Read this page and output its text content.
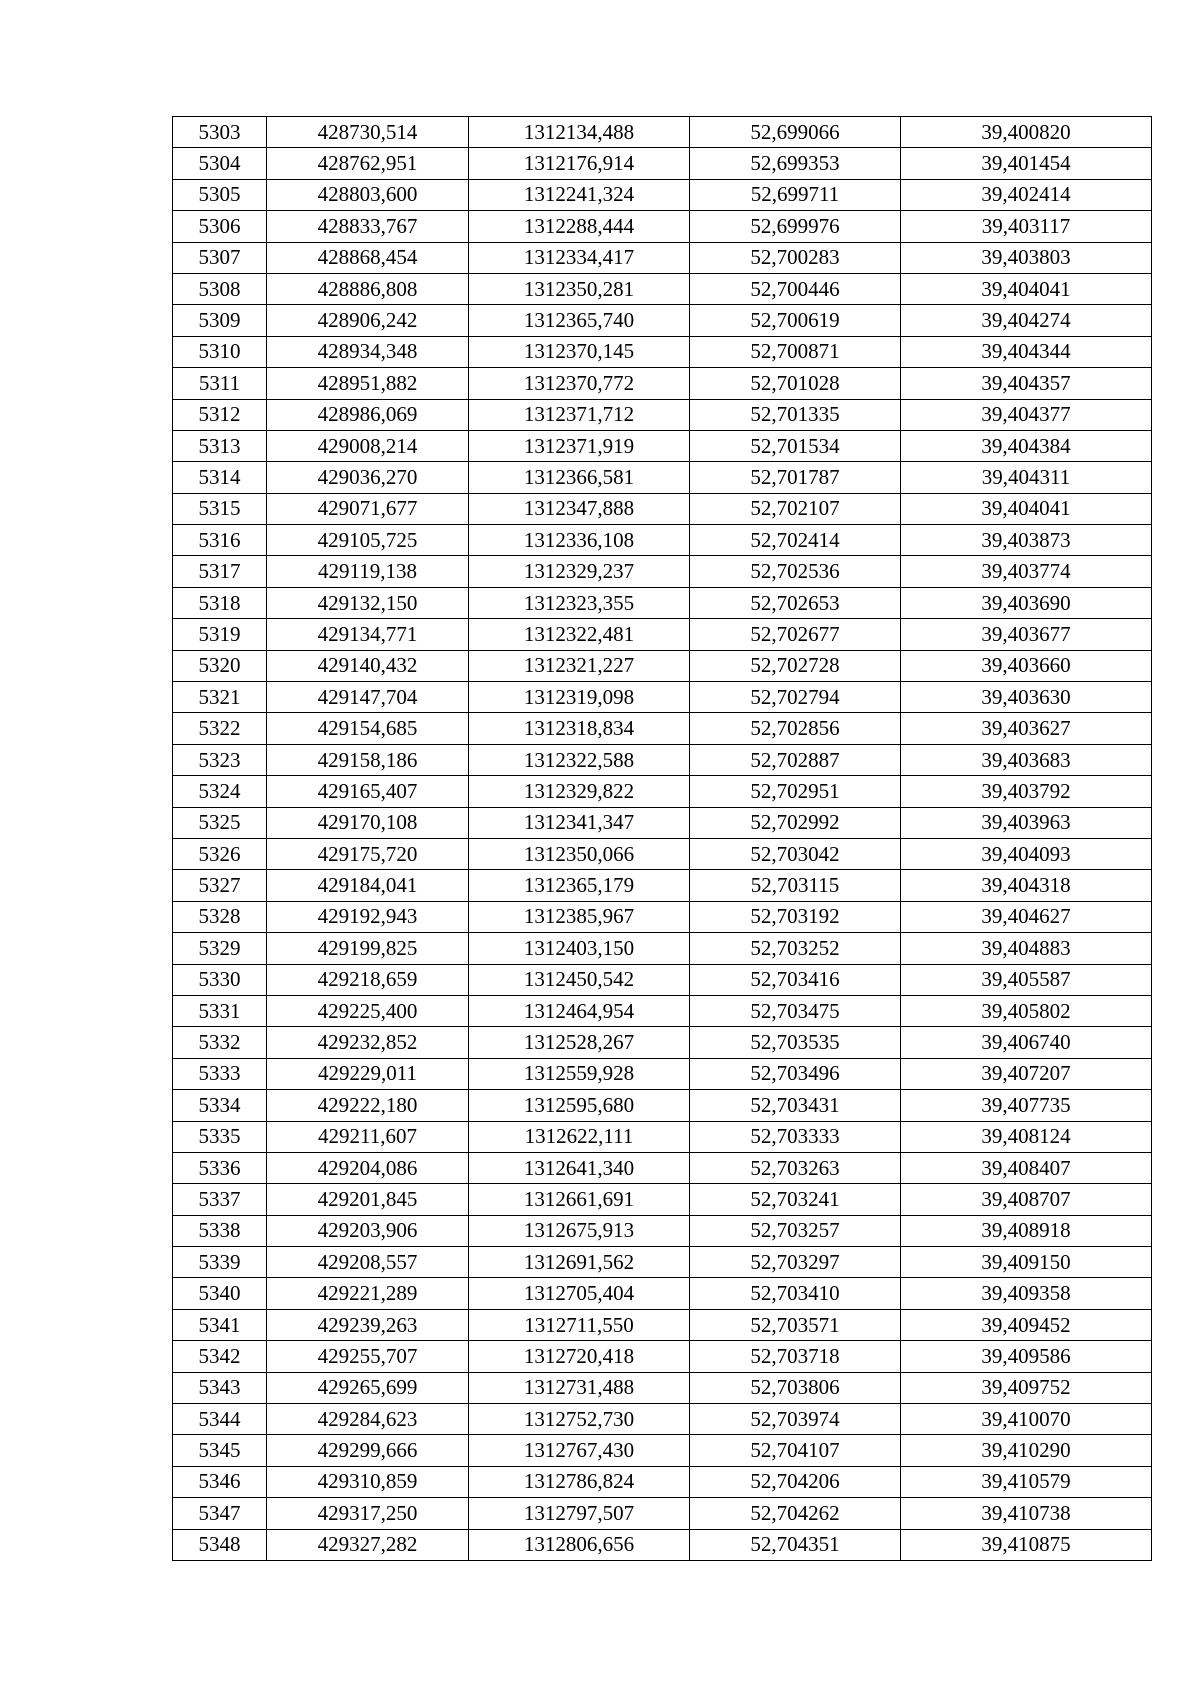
5303	428730,514	1312134,488	52,699066	39,400820
5304	428762,951	1312176,914	52,699353	39,401454
5305	428803,600	1312241,324	52,699711	39,402414
5306	428833,767	1312288,444	52,699976	39,403117
5307	428868,454	1312334,417	52,700283	39,403803
5308	428886,808	1312350,281	52,700446	39,404041
5309	428906,242	1312365,740	52,700619	39,404274
5310	428934,348	1312370,145	52,700871	39,404344
5311	428951,882	1312370,772	52,701028	39,404357
5312	428986,069	1312371,712	52,701335	39,404377
5313	429008,214	1312371,919	52,701534	39,404384
5314	429036,270	1312366,581	52,701787	39,404311
5315	429071,677	1312347,888	52,702107	39,404041
5316	429105,725	1312336,108	52,702414	39,403873
5317	429119,138	1312329,237	52,702536	39,403774
5318	429132,150	1312323,355	52,702653	39,403690
5319	429134,771	1312322,481	52,702677	39,403677
5320	429140,432	1312321,227	52,702728	39,403660
5321	429147,704	1312319,098	52,702794	39,403630
5322	429154,685	1312318,834	52,702856	39,403627
5323	429158,186	1312322,588	52,702887	39,403683
5324	429165,407	1312329,822	52,702951	39,403792
5325	429170,108	1312341,347	52,702992	39,403963
5326	429175,720	1312350,066	52,703042	39,404093
5327	429184,041	1312365,179	52,703115	39,404318
5328	429192,943	1312385,967	52,703192	39,404627
5329	429199,825	1312403,150	52,703252	39,404883
5330	429218,659	1312450,542	52,703416	39,405587
5331	429225,400	1312464,954	52,703475	39,405802
5332	429232,852	1312528,267	52,703535	39,406740
5333	429229,011	1312559,928	52,703496	39,407207
5334	429222,180	1312595,680	52,703431	39,407735
5335	429211,607	1312622,111	52,703333	39,408124
5336	429204,086	1312641,340	52,703263	39,408407
5337	429201,845	1312661,691	52,703241	39,408707
5338	429203,906	1312675,913	52,703257	39,408918
5339	429208,557	1312691,562	52,703297	39,409150
5340	429221,289	1312705,404	52,703410	39,409358
5341	429239,263	1312711,550	52,703571	39,409452
5342	429255,707	1312720,418	52,703718	39,409586
5343	429265,699	1312731,488	52,703806	39,409752
5344	429284,623	1312752,730	52,703974	39,410070
5345	429299,666	1312767,430	52,704107	39,410290
5346	429310,859	1312786,824	52,704206	39,410579
5347	429317,250	1312797,507	52,704262	39,410738
5348	429327,282	1312806,656	52,704351	39,410875
